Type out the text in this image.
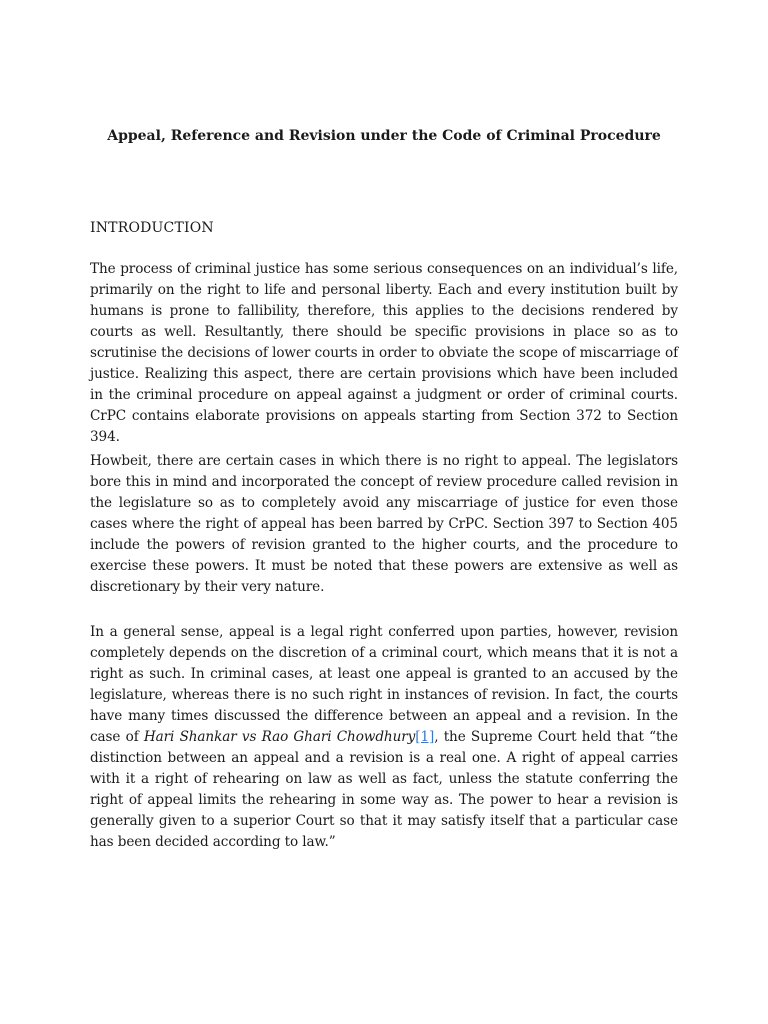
Appeal, Reference and Revision under the Code of Criminal Procedure
INTRODUCTION

The process of criminal justice has some serious consequences on an individual’s life, primarily on the right to life and personal liberty. Each and every institution built by humans is prone to fallibility, therefore, this applies to the decisions rendered by courts as well. Resultantly, there should be specific provisions in place so as to scrutinise the decisions of lower courts in order to obviate the scope of miscarriage of justice. Realizing this aspect, there are certain provisions which have been included in the criminal procedure on appeal against a judgment or order of criminal courts. CrPC contains elaborate provisions on appeals starting from Section 372 to Section 394.

Howbeit, there are certain cases in which there is no right to appeal. The legislators bore this in mind and incorporated the concept of review procedure called revision in the legislature so as to completely avoid any miscarriage of justice for even those cases where the right of appeal has been barred by CrPC. Section 397 to Section 405 include the powers of revision granted to the higher courts, and the procedure to exercise these powers. It must be noted that these powers are extensive as well as discretionary by their very nature.

In a general sense, appeal is a legal right conferred upon parties, however, revision completely depends on the discretion of a criminal court, which means that it is not a right as such. In criminal cases, at least one appeal is granted to an accused by the legislature, whereas there is no such right in instances of revision. In fact, the courts have many times discussed the difference between an appeal and a revision. In the case of Hari Shankar vs Rao Ghari Chowdhury[1], the Supreme Court held that “the distinction between an appeal and a revision is a real one. A right of appeal carries with it a right of rehearing on law as well as fact, unless the statute conferring the right of appeal limits the rehearing in some way as. The power to hear a revision is generally given to a superior Court so that it may satisfy itself that a particular case has been decided according to law.”
